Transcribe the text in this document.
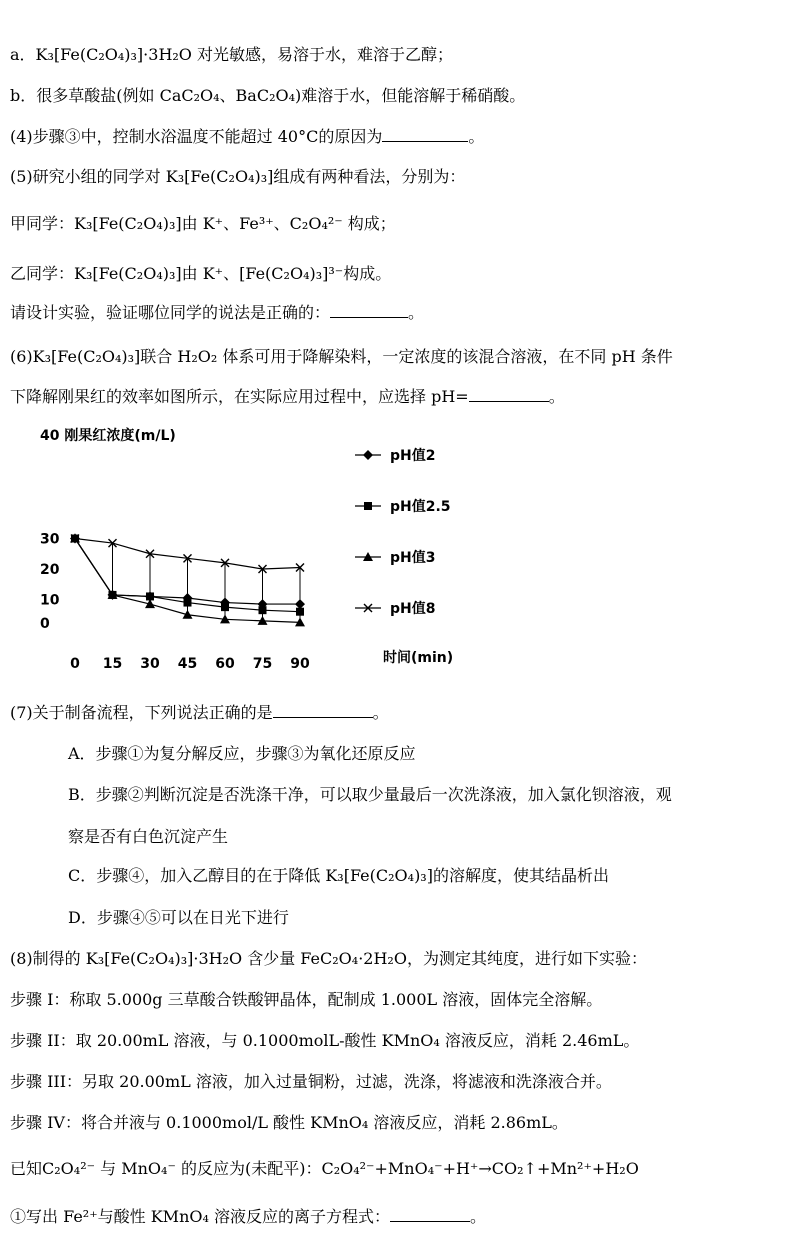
a．K₃[Fe(C₂O₄)₃]·3H₂O 对光敏感，易溶于水，难溶于乙醇；
b．很多草酸盐(例如 CaC₂O₄、BaC₂O₄)难溶于水，但能溶解于稀硝酸。
(4)步骤③中，控制水浴温度不能超过 40°C的原因为	。
(5)研究小组的同学对 K₃[Fe(C₂O₄)₃]组成有两种看法，分别为：
甲同学：K₃[Fe(C₂O₄)₃]由 K⁺、Fe³⁺、C₂O₄²⁻ 构成；
乙同学：K₃[Fe(C₂O₄)₃]由 K⁺、[Fe(C₂O₄)₃]³⁻构成。
请设计实验，验证哪位同学的说法是正确的：	。
(6)K₃[Fe(C₂O₄)₃]联合 H₂O₂ 体系可用于降解染料，一定浓度的该混合溶液，在不同 pH 条件
下降解刚果红的效率如图所示，在实际应用过程中，应选择 pH=	。
40 刚果红浓度(m/L)
0
10
20
30
0 15 30 45 60 75 90
pH值2
pH值2.5
pH值3
pH值8
时间(min)
(7)关于制备流程，下列说法正确的是	。
A．步骤①为复分解反应，步骤③为氧化还原反应
B．步骤②判断沉淀是否洗涤干净，可以取少量最后一次洗涤液，加入氯化钡溶液，观
察是否有白色沉淀产生
C．步骤④，加入乙醇目的在于降低 K₃[Fe(C₂O₄)₃]的溶解度，使其结晶析出
D．步骤④⑤可以在日光下进行
(8)制得的 K₃[Fe(C₂O₄)₃]·3H₂O 含少量 FeC₂O₄·2H₂O，为测定其纯度，进行如下实验：
步骤 I：称取 5.000g 三草酸合铁酸钾晶体，配制成 1.000L 溶液，固体完全溶解。
步骤 II：取 20.00mL 溶液，与 0.1000molL-酸性 KMnO₄ 溶液反应，消耗 2.46mL。
步骤 III：另取 20.00mL 溶液，加入过量铜粉，过滤，洗涤，将滤液和洗涤液合并。
步骤 IV：将合并液与 0.1000mol/L 酸性 KMnO₄ 溶液反应，消耗 2.86mL。
已知C₂O₄²⁻ 与 MnO₄⁻ 的反应为(未配平)：C₂O₄²⁻+MnO₄⁻+H⁺→CO₂↑+Mn²⁺+H₂O
①写出 Fe²⁺与酸性 KMnO₄ 溶液反应的离子方程式：	。
